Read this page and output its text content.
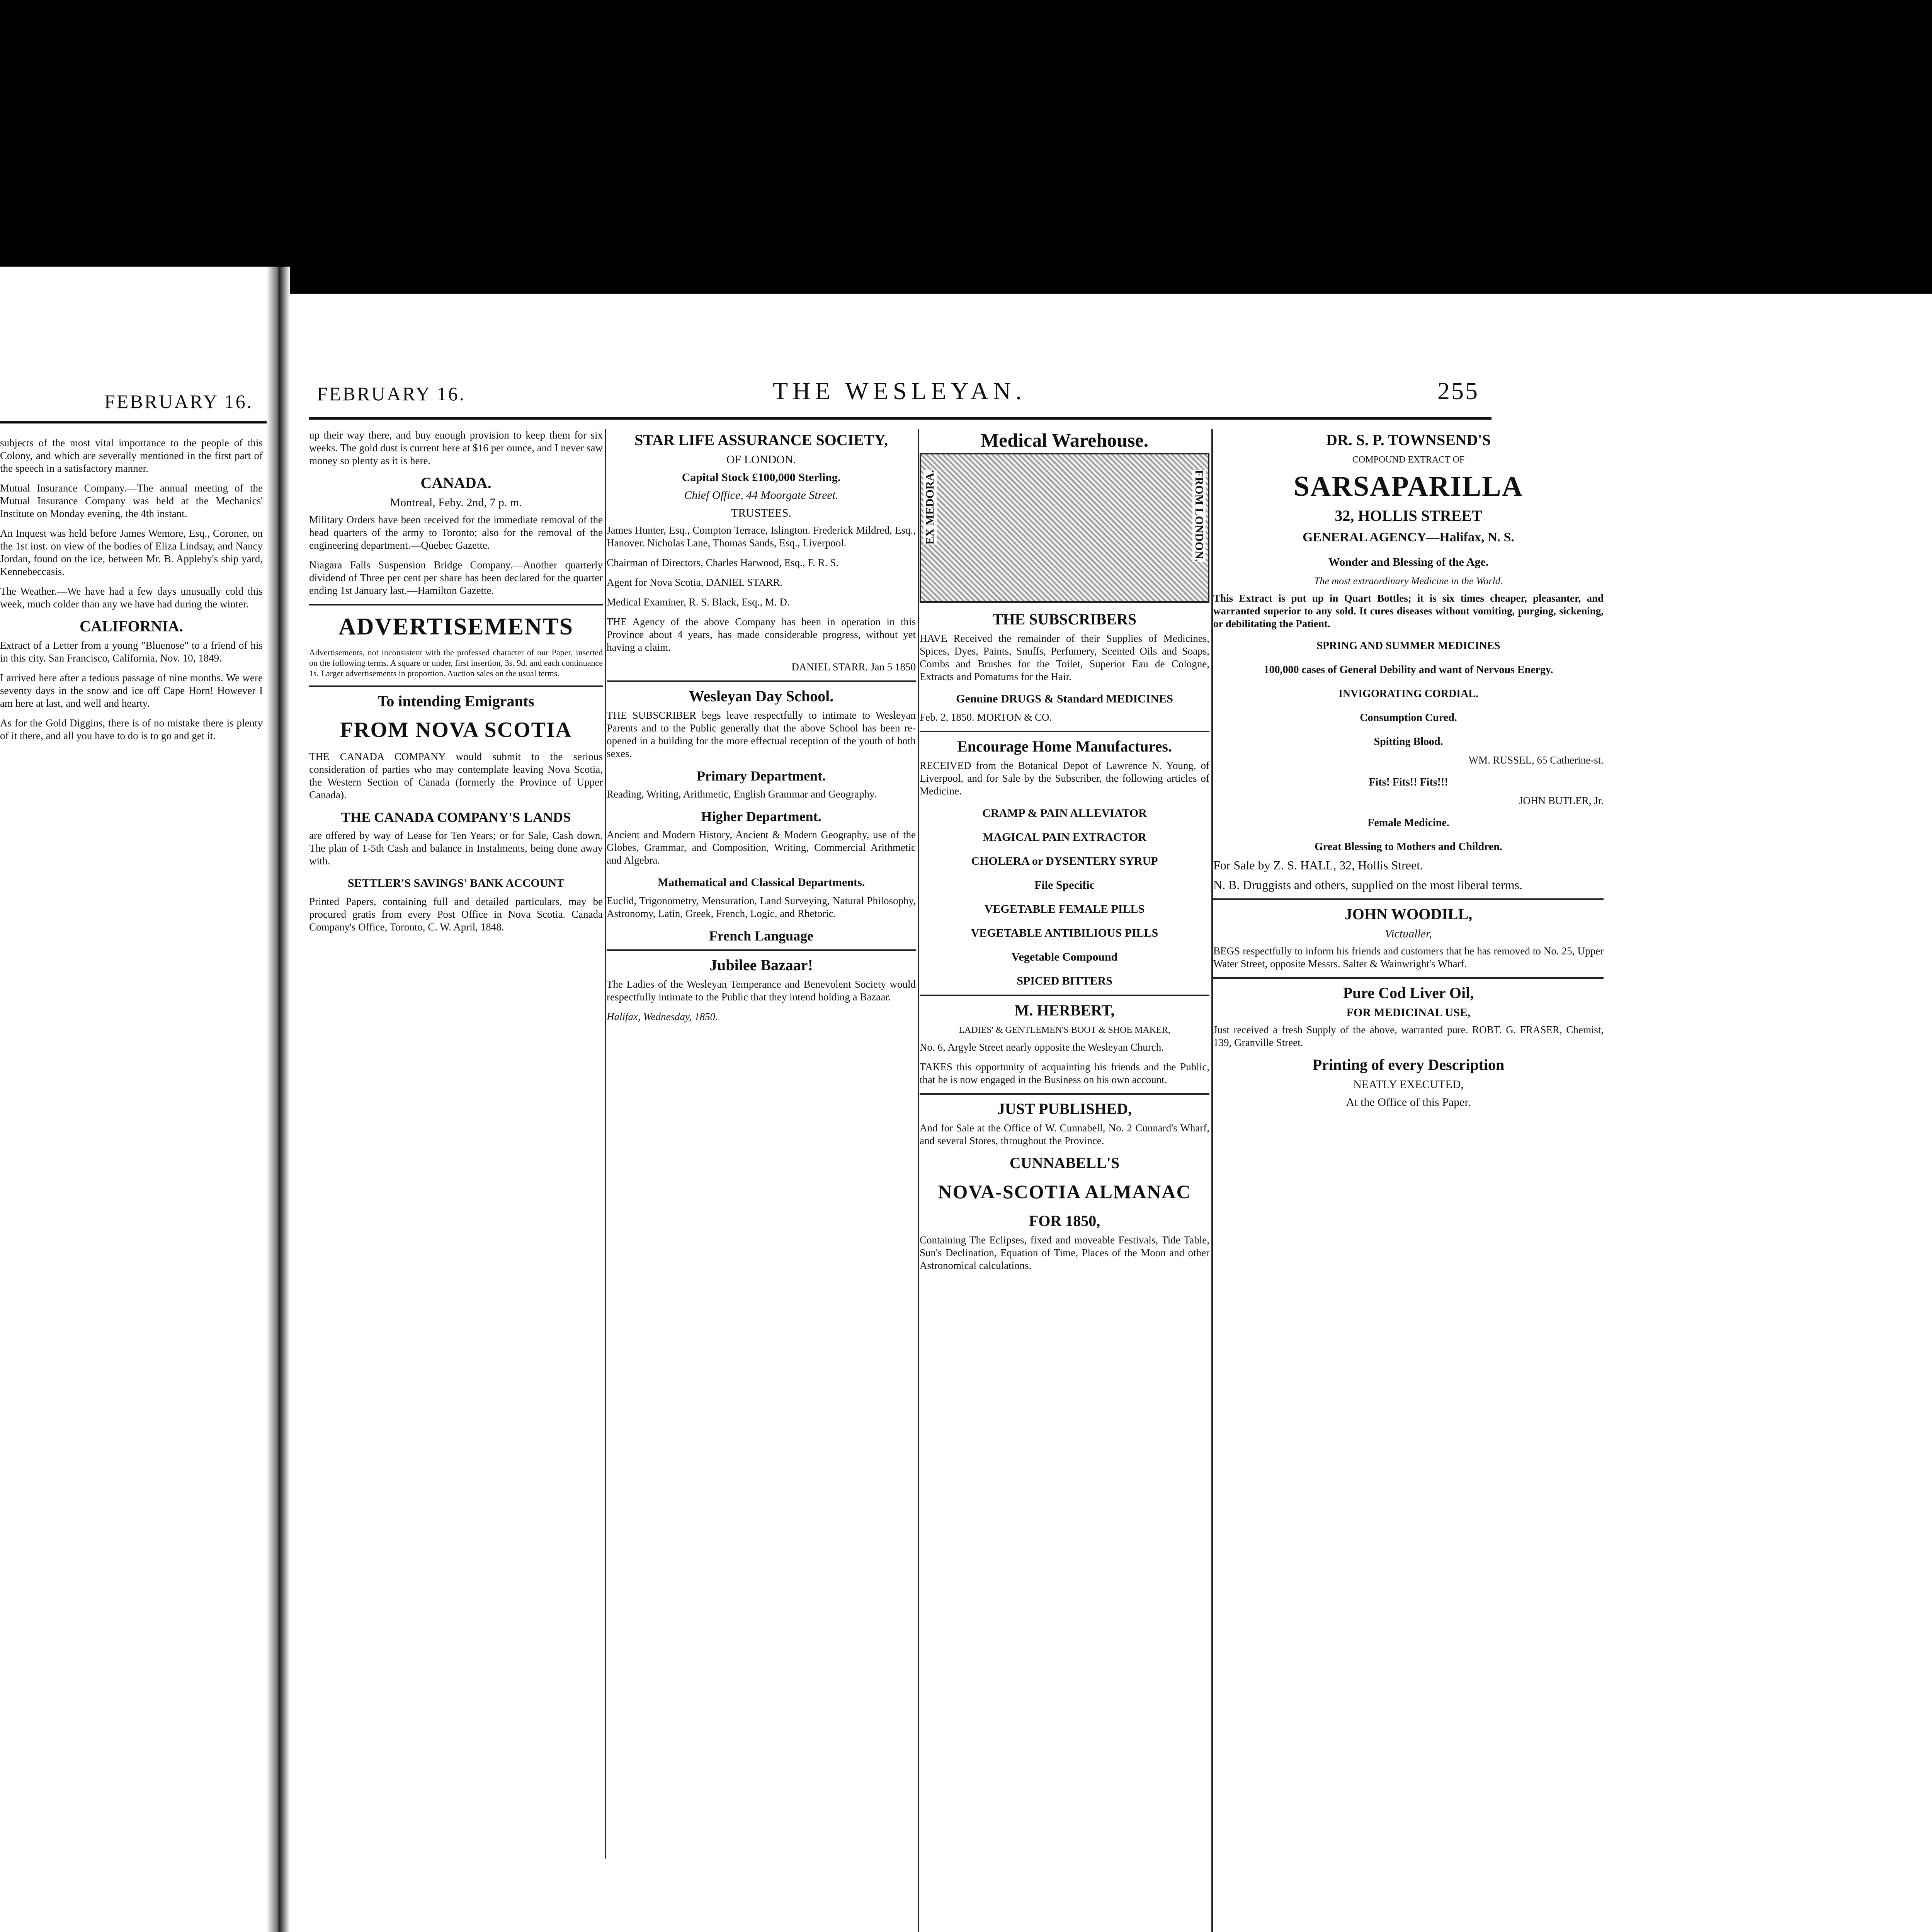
FEBRUARY 16.

subjects of the most vital importance to the people of this Colony, and which are severally mentioned in the first part of the speech in a satisfactory manner.

Mutual Insurance Company.—The annual meeting of the Mutual Insurance Company was held at the Mechanics' Institute on Monday evening, the 4th instant.

An Inquest was held before James Wemore, Esq., Coroner, on the 1st inst. on view of the bodies of Eliza Lindsay, and Nancy Jordan, found on the ice, between Mr. B. Appleby's ship yard, Kennebeccasis.

The Weather.—We have had a few days unusually cold this week, much colder than any we have had during the winter.

CALIFORNIA.

Extract of a Letter from a young "Bluenose" to a friend of his in this city. San Francisco, California, Nov. 10, 1849.

I arrived here after a tedious passage of nine months. We were seventy days in the snow and ice off Cape Horn! However I am here at last, and well and hearty.

As for the Gold Diggins, there is of no mistake there is plenty of it there, and all you have to do is to go and get it.

FEBRUARY 16.	THE WESLEYAN.	255

up their way there, and buy enough provision to keep them for six weeks. The gold dust is current here at $16 per ounce, and I never saw money so plenty as it is here.

CANADA.
Montreal, Feby. 2nd, 7 p. m.

Military Orders have been received for the immediate removal of the head quarters of the army to Toronto; also for the removal of the engineering department.—Quebec Gazette.

Niagara Falls Suspension Bridge Company.—Another quarterly dividend of Three per cent per share has been declared for the quarter ending 1st January last.—Hamilton Gazette.

ADVERTISEMENTS

Advertisements, not inconsistent with the professed character of our Paper, inserted on the following terms. A square or under, first insertion, 3s. 9d. and each continuance 1s. Larger advertisements in proportion. Auction sales on the usual terms.

To intending Emigrants
FROM NOVA SCOTIA

THE CANADA COMPANY would submit to the serious consideration of parties who may contemplate leaving Nova Scotia, the Western Section of Canada (formerly the Province of Upper Canada).

THE CANADA COMPANY'S LANDS

are offered by way of Lease for Ten Years; or for Sale, Cash down. The plan of 1-5th Cash and balance in Instalments, being done away with.

SETTLER'S SAVINGS' BANK ACCOUNT

Printed Papers, containing full and detailed particulars, may be procured gratis from every Post Office in Nova Scotia. Canada Company's Office, Toronto, C. W. April, 1848.

STAR LIFE ASSURANCE SOCIETY,
OF LONDON.
Capital Stock £100,000 Sterling.
Chief Office, 44 Moorgate Street.
TRUSTEES.

James Hunter, Esq., Compton Terrace, Islington. Frederick Mildred, Esq., Hanover. Nicholas Lane, Thomas Sands, Esq., Liverpool.

Chairman of Directors, Charles Harwood, Esq., F. R. S.

Agent for Nova Scotia, DANIEL STARR.

Medical Examiner, R. S. Black, Esq., M. D.

THE Agency of the above Company has been in operation in this Province about 4 years, has made considerable progress, without yet having a claim.

DANIEL STARR. Jan 5 1850

Wesleyan Day School.

THE SUBSCRIBER begs leave respectfully to intimate to Wesleyan Parents and to the Public generally that the above School has been re-opened in a building for the more effectual reception of the youth of both sexes.

Primary Department.

Reading, Writing, Arithmetic, English Grammar and Geography.

Higher Department.

Ancient and Modern History, Ancient & Modern Geography, use of the Globes, Grammar, and Composition, Writing, Commercial Arithmetic and Algebra.

Mathematical and Classical Departments.

Euclid, Trigonometry, Mensuration, Land Surveying, Natural Philosophy, Astronomy, Latin, Greek, French, Logic, and Rhetoric.

French Language
Jubilee Bazaar!

The Ladies of the Wesleyan Temperance and Benevolent Society would respectfully intimate to the Public that they intend holding a Bazaar.

Halifax, Wednesday, 1850.

Medical Warehouse.
EX MEDORA.	FROM LONDON.
THE SUBSCRIBERS

HAVE Received the remainder of their Supplies of Medicines, Spices, Dyes, Paints, Snuffs, Perfumery, Scented Oils and Soaps, Combs and Brushes for the Toilet, Superior Eau de Cologne, Extracts and Pomatums for the Hair.

Genuine DRUGS & Standard MEDICINES

Feb. 2, 1850. MORTON & CO.

Encourage Home Manufactures.

RECEIVED from the Botanical Depot of Lawrence N. Young, of Liverpool, and for Sale by the Subscriber, the following articles of Medicine.

CRAMP & PAIN ALLEVIATOR
MAGICAL PAIN EXTRACTOR
CHOLERA or DYSENTERY SYRUP
File Specific
VEGETABLE FEMALE PILLS
VEGETABLE ANTIBILIOUS PILLS
Vegetable Compound
SPICED BITTERS
M. HERBERT,
LADIES' & GENTLEMEN'S BOOT & SHOE MAKER,

No. 6, Argyle Street nearly opposite the Wesleyan Church.

TAKES this opportunity of acquainting his friends and the Public, that he is now engaged in the Business on his own account.

JUST PUBLISHED,

And for Sale at the Office of W. Cunnabell, No. 2 Cunnard's Wharf, and several Stores, throughout the Province.

CUNNABELL'S
NOVA-SCOTIA ALMANAC
FOR 1850,

Containing The Eclipses, fixed and moveable Festivals, Tide Table, Sun's Declination, Equation of Time, Places of the Moon and other Astronomical calculations.

DR. S. P. TOWNSEND'S
COMPOUND EXTRACT OF
SARSAPARILLA
32, HOLLIS STREET
GENERAL AGENCY—Halifax, N. S.
Wonder and Blessing of the Age.
The most extraordinary Medicine in the World.

This Extract is put up in Quart Bottles; it is six times cheaper, pleasanter, and warranted superior to any sold. It cures diseases without vomiting, purging, sickening, or debilitating the Patient.

SPRING AND SUMMER MEDICINES
100,000 cases of General Debility and want of Nervous Energy.
INVIGORATING CORDIAL.
Consumption Cured.
Spitting Blood.

WM. RUSSEL, 65 Catherine-st.

Fits! Fits!! Fits!!!

JOHN BUTLER, Jr.

Female Medicine.
Great Blessing to Mothers and Children.

For Sale by Z. S. HALL, 32, Hollis Street.

N. B. Druggists and others, supplied on the most liberal terms.

JOHN WOODILL,
Victualler,

BEGS respectfully to inform his friends and customers that he has removed to No. 25, Upper Water Street, opposite Messrs. Salter & Wainwright's Wharf.

Pure Cod Liver Oil,
FOR MEDICINAL USE,

Just received a fresh Supply of the above, warranted pure. ROBT. G. FRASER, Chemist, 139, Granville Street.

Printing of every Description
NEATLY EXECUTED,
At the Office of this Paper.
